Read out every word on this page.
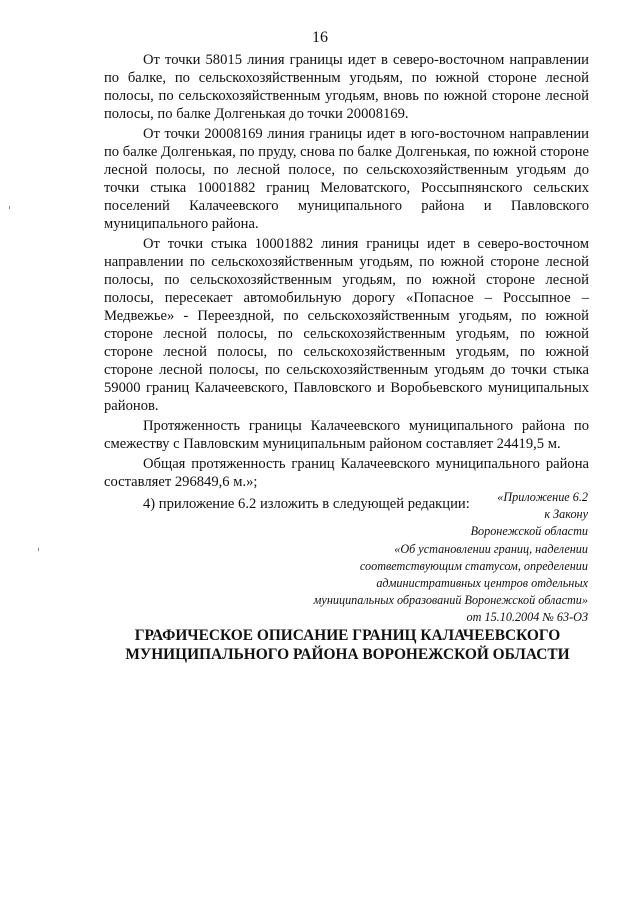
16

От точки 58015 линия границы идет в северо-восточном направлении по балке, по сельскохозяйственным угодьям, по южной стороне лесной полосы, по сельскохозяйственным угодьям, вновь по южной стороне лесной полосы, по балке Долгенькая до точки 20008169.

От точки 20008169 линия границы идет в юго-восточном направлении по балке Долгенькая, по пруду, снова по балке Долгенькая, по южной стороне лесной полосы, по лесной полосе, по сельскохозяйственным угодьям до точки стыка 10001882 границ Меловатского, Россыпнянского сельских поселений Калачеевского муниципального района и Павловского муниципального района.

От точки стыка 10001882 линия границы идет в северо-восточном направлении по сельскохозяйственным угодьям, по южной стороне лесной полосы, по сельскохозяйственным угодьям, по южной стороне лесной полосы, пересекает автомобильную дорогу «Попасное – Россыпное – Медвежье» - Переездной, по сельскохозяйственным угодьям, по южной стороне лесной полосы, по сельскохозяйственным угодьям, по южной стороне лесной полосы, по сельскохозяйственным угодьям, по южной стороне лесной полосы, по сельскохозяйственным угодьям до точки стыка 59000 границ Калачеевского, Павловского и Воробьевского муниципальных районов.

Протяженность границы Калачеевского муниципального района по смежеству с Павловским муниципальным районом составляет 24419,5 м.

Общая протяженность границ Калачеевского муниципального района составляет 296849,6 м.»;

4) приложение 6.2 изложить в следующей редакции:	«Приложение 6.2
к Закону
Воронежской области
«Об установлении границ, наделении
соответствующим статусом, определении
административных центров отдельных
муниципальных образований Воронежской области»
от 15.10.2004 № 63-ОЗ
ГРАФИЧЕСКОЕ ОПИСАНИЕ ГРАНИЦ КАЛАЧЕЕВСКОГО
МУНИЦИПАЛЬНОГО РАЙОНА ВОРОНЕЖСКОЙ ОБЛАСТИ
